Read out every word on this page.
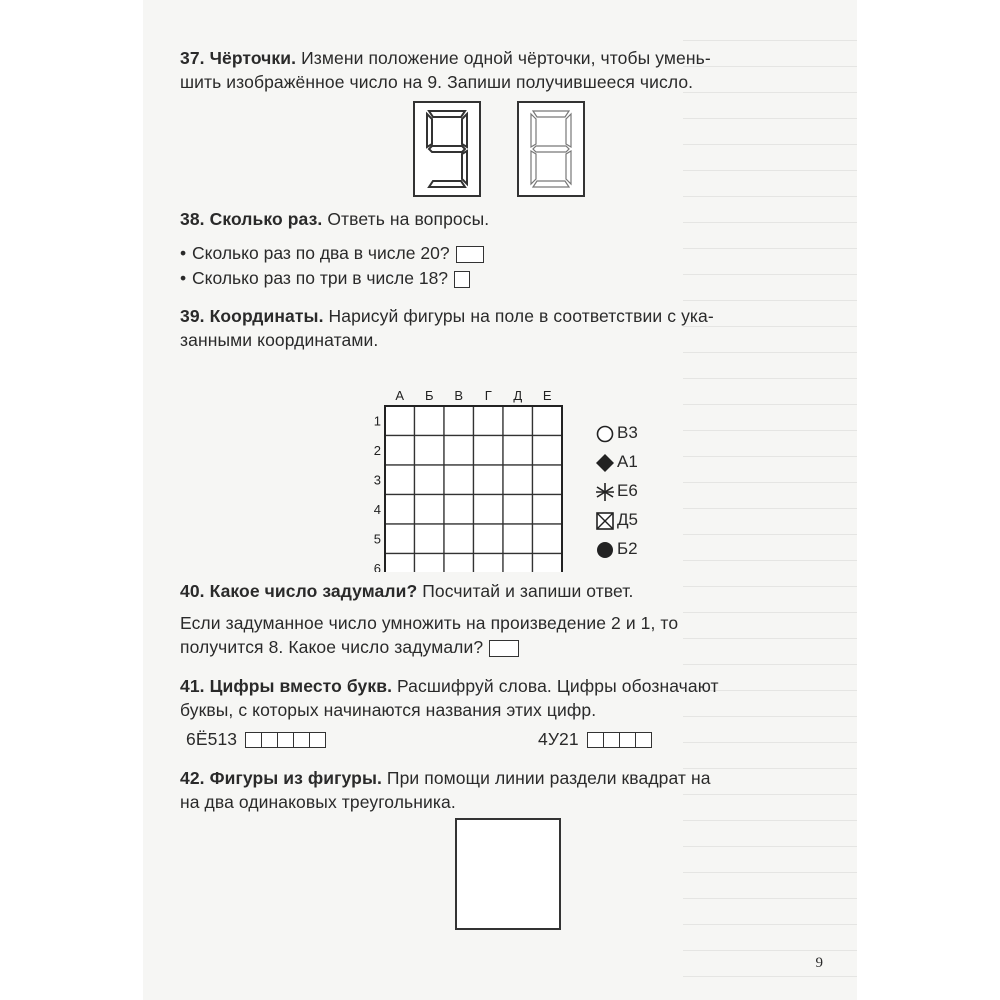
37. Чёрточки. Измени положение одной чёрточки, чтобы умень-
шить изображённое число на 9. Запиши получившееся число.
38. Сколько раз. Ответь на вопросы.
• Сколько раз по два в числе 20?
• Сколько раз по три в числе 18?
39. Координаты. Нарисуй фигуры на поле в соответствии с ука-
занными координатами.
А Б В Г Д Е
1
2
3
4
5
6
В3
А1
Е6
Д5
Б2
40. Какое число задумали? Посчитай и запиши ответ.
Если задуманное число умножить на произведение 2 и 1, то
получится 8. Какое число задумали?
41. Цифры вместо букв. Расшифруй слова. Цифры обозначают
буквы, с которых начинаются названия этих цифр.
6Ё513	4У21
42. Фигуры из фигуры. При помощи линии раздели квадрат на
на два одинаковых треугольника.
9
